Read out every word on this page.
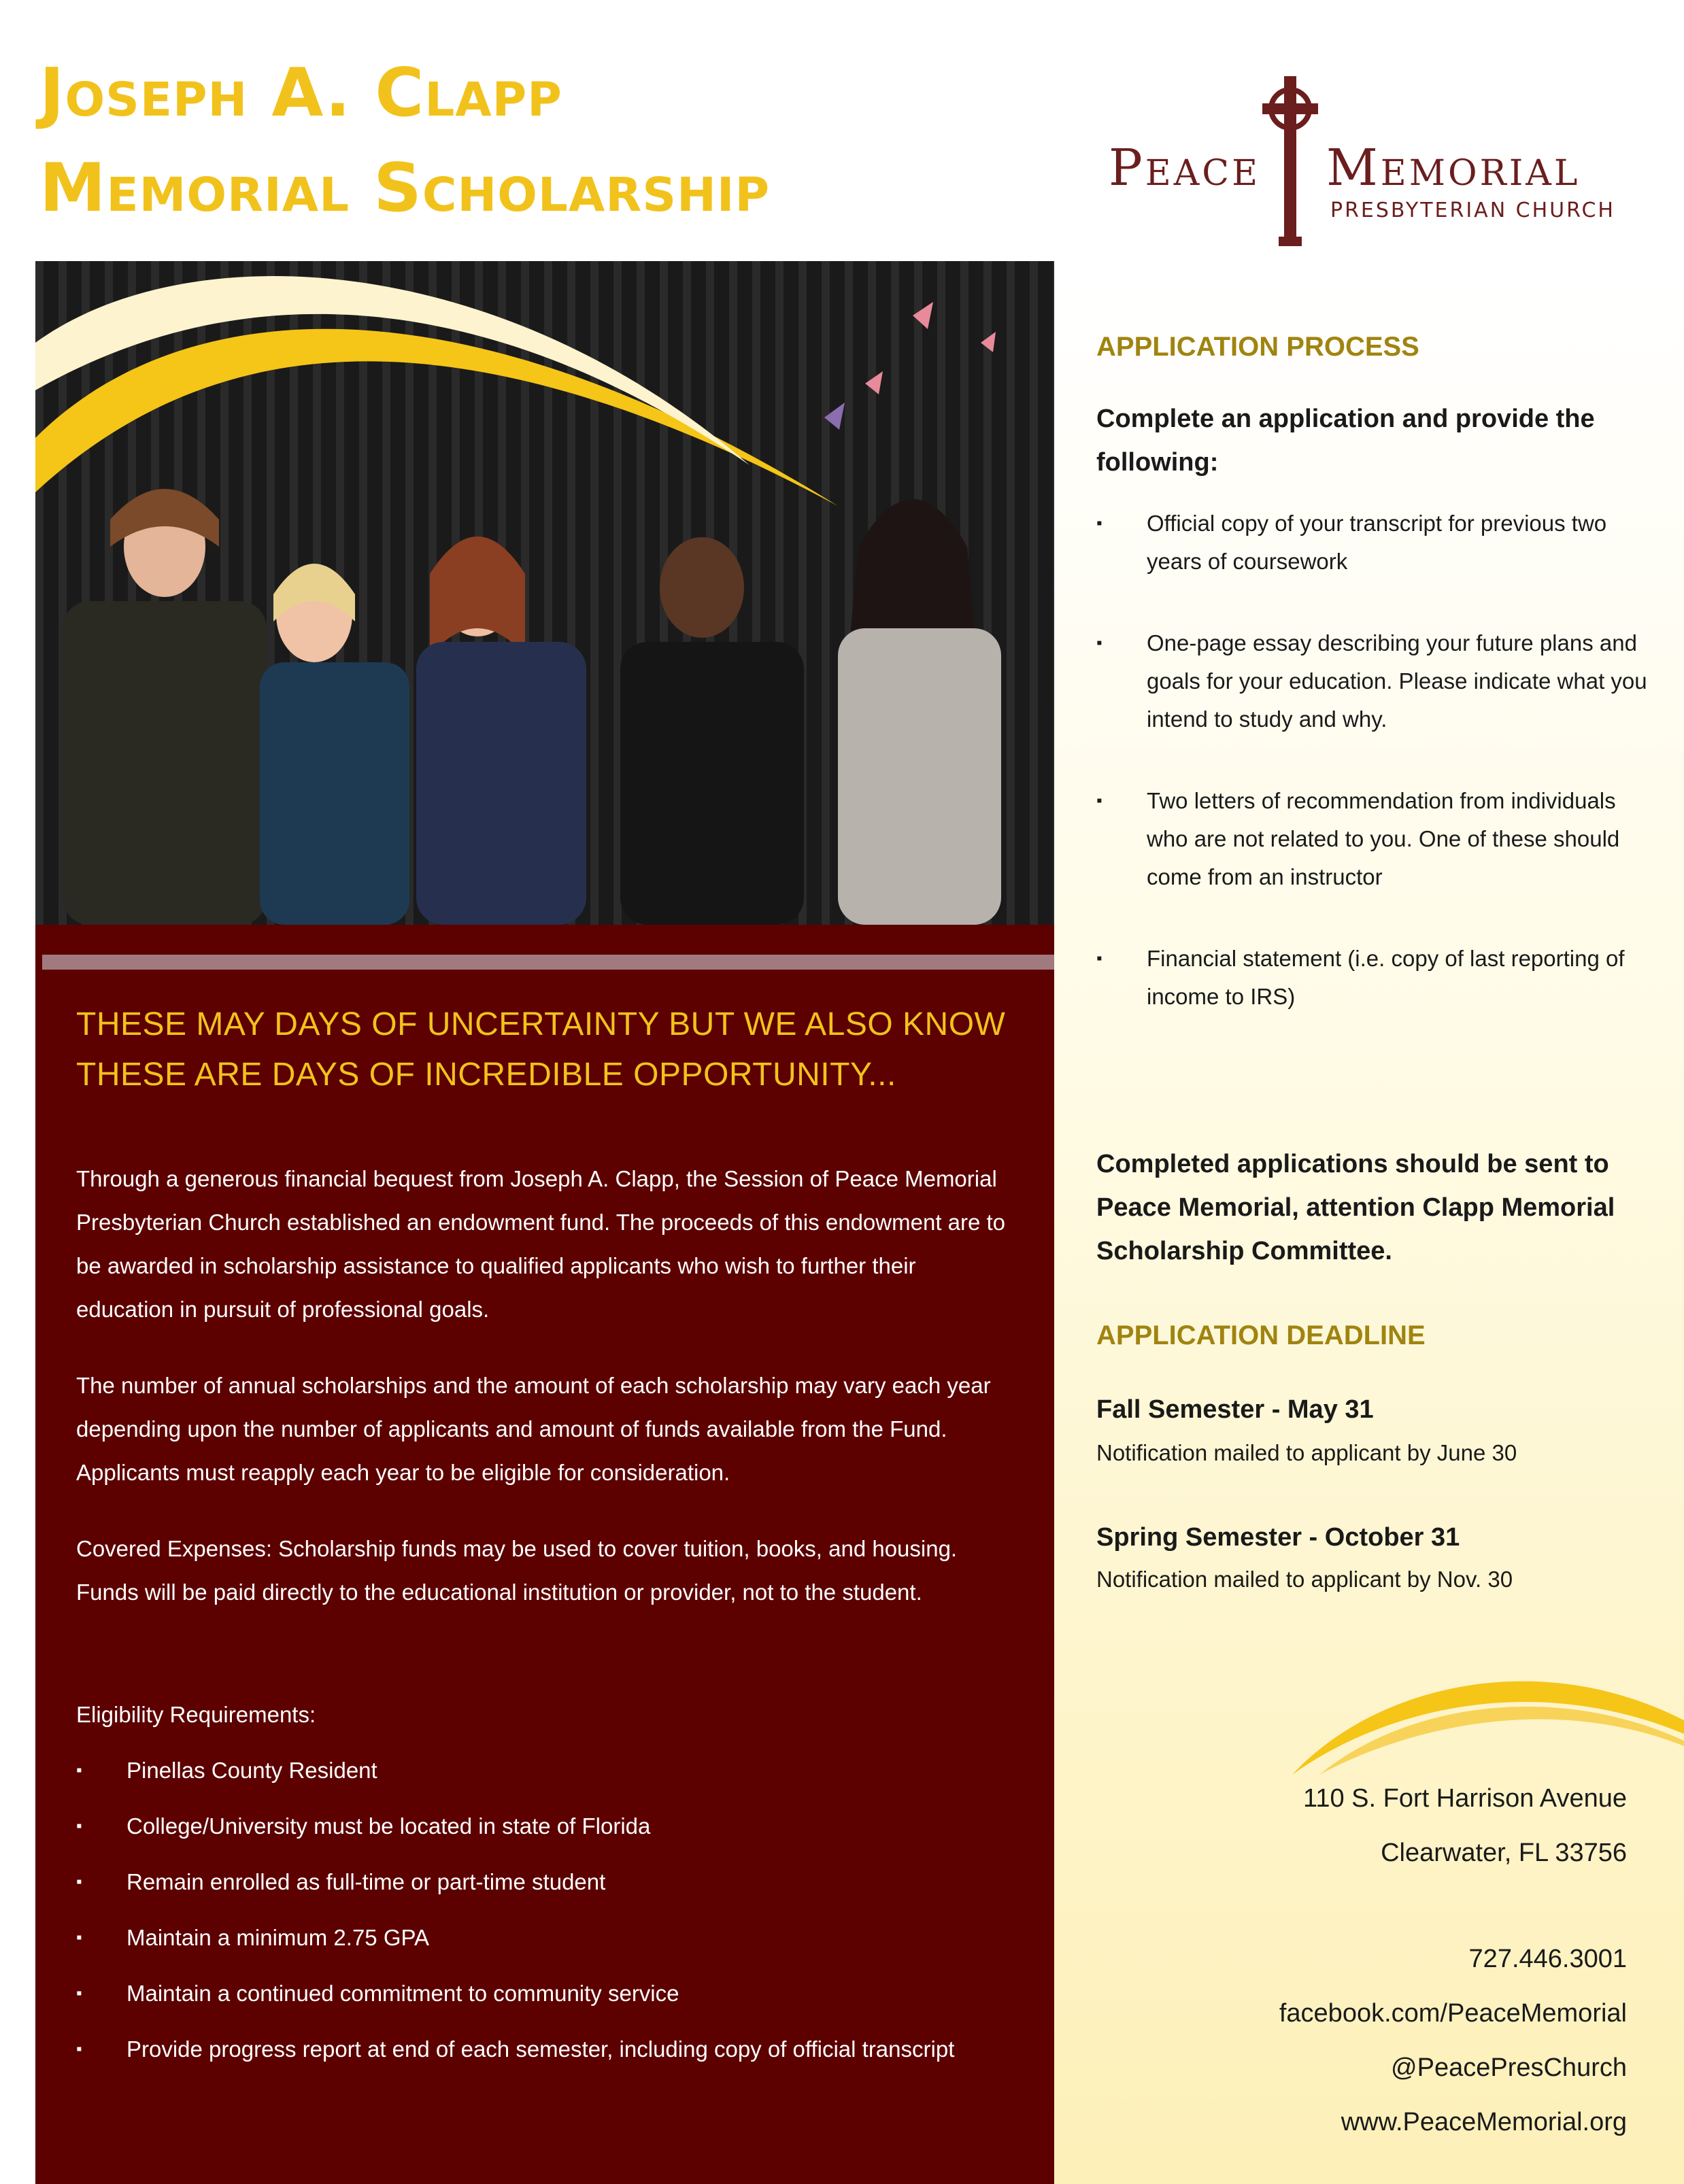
Joseph A. Clapp
Memorial Scholarship	Peace Memorial
PRESBYTERIAN CHURCH

THESE MAY DAYS OF UNCERTAINTY BUT WE ALSO KNOW THESE ARE DAYS OF INCREDIBLE OPPORTUNITY...

Through a generous financial bequest from Joseph A. Clapp, the Session of Peace Memorial Presbyterian Church established an endowment fund. The proceeds of this endowment are to be awarded in scholarship assistance to qualified applicants who wish to further their education in pursuit of professional goals.

The number of annual scholarships and the amount of each scholarship may vary each year depending upon the number of applicants and amount of funds available from the Fund. Applicants must reapply each year to be eligible for consideration.

Covered Expenses: Scholarship funds may be used to cover tuition, books, and housing. Funds will be paid directly to the educational institution or provider, not to the student.

Eligibility Requirements:

▪ Pinellas County Resident
▪ College/University must be located in state of Florida
▪ Remain enrolled as full-time or part-time student
▪ Maintain a minimum 2.75 GPA
▪ Maintain a continued commitment to community service
▪ Provide progress report at end of each semester, including copy of official transcript
APPLICATION PROCESS

Complete an application and provide the following:

▪ Official copy of your transcript for previous two years of coursework
▪ One-page essay describing your future plans and goals for your education. Please indicate what you intend to study and why.
▪ Two letters of recommendation from individuals who are not related to you. One of these should come from an instructor
▪ Financial statement (i.e. copy of last reporting of income to IRS)

Completed applications should be sent to Peace Memorial, attention Clapp Memorial Scholarship Committee.

APPLICATION DEADLINE

Fall Semester - May 31

Notification mailed to applicant by June 30

Spring Semester - October 31

Notification mailed to applicant by Nov. 30

110 S. Fort Harrison Avenue

Clearwater, FL 33756

727.446.3001

facebook.com/PeaceMemorial

@PeacePresChurch

www.PeaceMemorial.org
